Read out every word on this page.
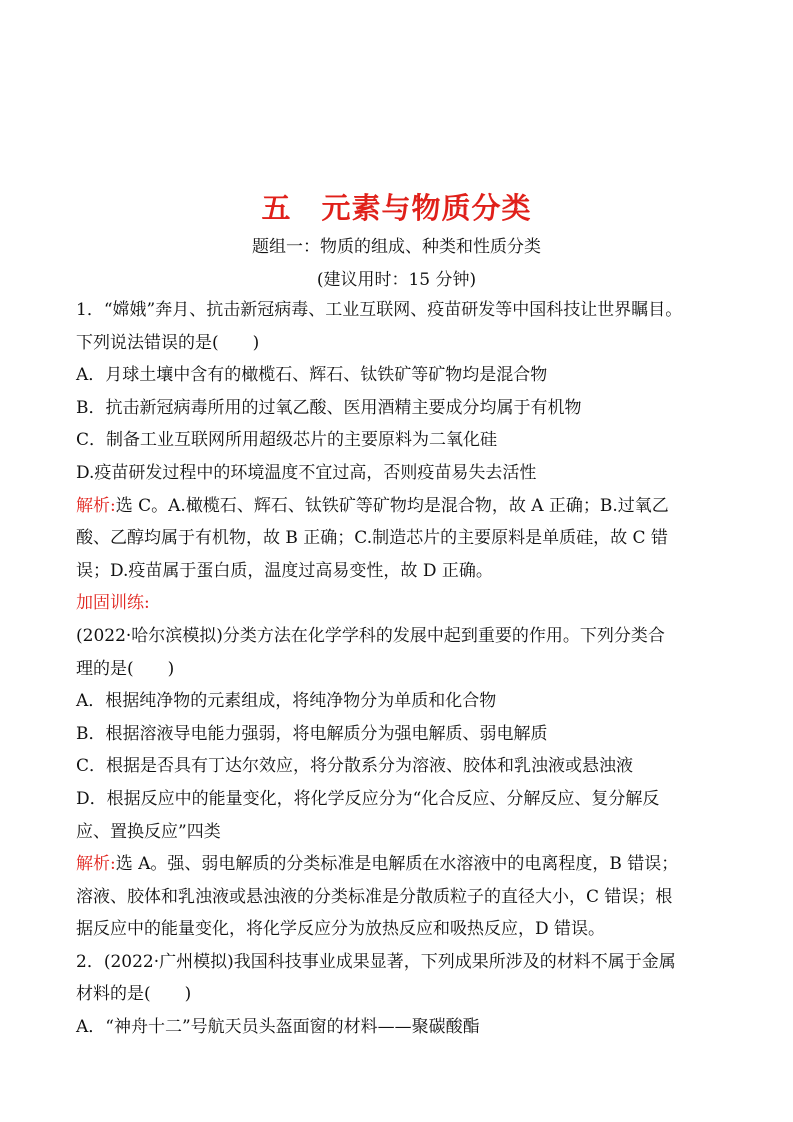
五　元素与物质分类
题组一：物质的组成、种类和性质分类
(建议用时：15 分钟)
1．“嫦娥”奔月、抗击新冠病毒、工业互联网、疫苗研发等中国科技让世界瞩目。
下列说法错误的是(　　)
A．月球土壤中含有的橄榄石、辉石、钛铁矿等矿物均是混合物
B．抗击新冠病毒所用的过氧乙酸、医用酒精主要成分均属于有机物
C．制备工业互联网所用超级芯片的主要原料为二氧化硅
D.疫苗研发过程中的环境温度不宜过高，否则疫苗易失去活性
解析:选 C。A.橄榄石、辉石、钛铁矿等矿物均是混合物，故 A 正确；B.过氧乙
酸、乙醇均属于有机物，故 B 正确；C.制造芯片的主要原料是单质硅，故 C 错
误；D.疫苗属于蛋白质，温度过高易变性，故 D 正确。
加固训练:
(2022·哈尔滨模拟)分类方法在化学学科的发展中起到重要的作用。下列分类合
理的是(　　)
A．根据纯净物的元素组成，将纯净物分为单质和化合物
B．根据溶液导电能力强弱，将电解质分为强电解质、弱电解质
C．根据是否具有丁达尔效应，将分散系分为溶液、胶体和乳浊液或悬浊液
D．根据反应中的能量变化，将化学反应分为“化合反应、分解反应、复分解反
应、置换反应”四类
解析:选 A。强、弱电解质的分类标准是电解质在水溶液中的电离程度，B 错误；
溶液、胶体和乳浊液或悬浊液的分类标准是分散质粒子的直径大小，C 错误；根
据反应中的能量变化，将化学反应分为放热反应和吸热反应，D 错误。
2．(2022·广州模拟)我国科技事业成果显著，下列成果所涉及的材料不属于金属
材料的是(　　)
A．“神舟十二”号航天员头盔面窗的材料——聚碳酸酯
